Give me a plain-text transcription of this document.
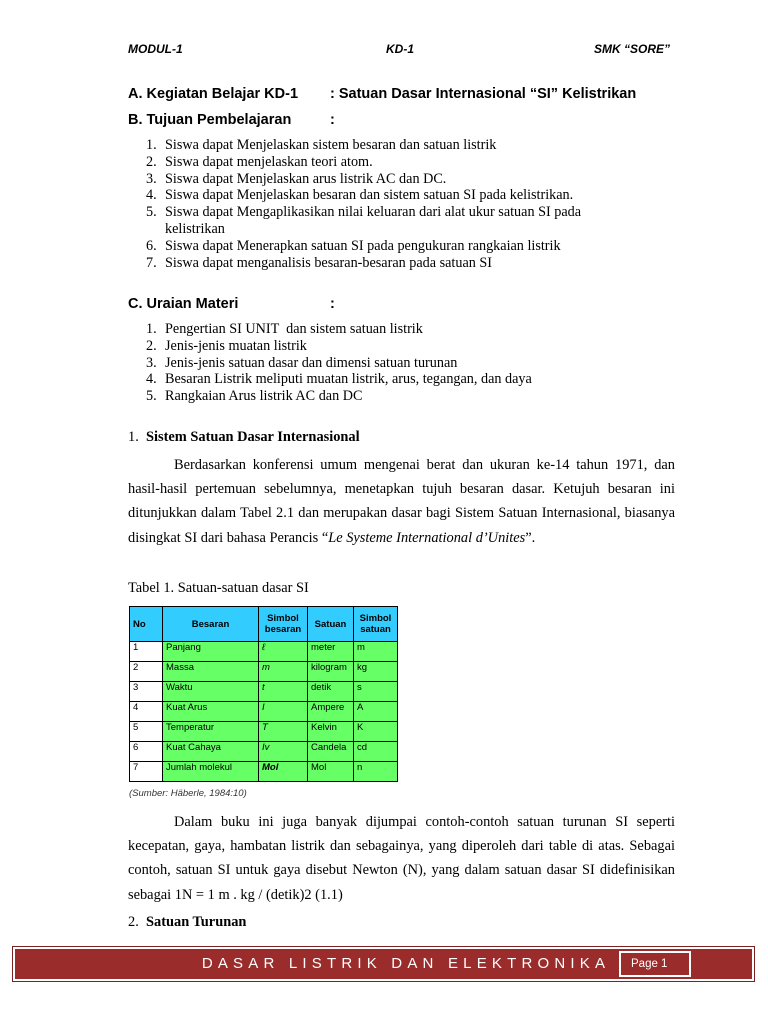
MODUL-1	KD-1	SMK “SORE”
A. Kegiatan Belajar KD-1 : Satuan Dasar Internasional “SI” Kelistrikan
B. Tujuan Pembelajaran	:
1. Siswa dapat Menjelaskan sistem besaran dan satuan listrik
2. Siswa dapat menjelaskan teori atom.
3. Siswa dapat Menjelaskan arus listrik AC dan DC.
4. Siswa dapat Menjelaskan besaran dan sistem satuan SI pada kelistrikan.
5. Siswa dapat Mengaplikasikan nilai keluaran dari alat ukur satuan SI pada kelistrikan
6. Siswa dapat Menerapkan satuan SI pada pengukuran rangkaian listrik
7. Siswa dapat menganalisis besaran-besaran pada satuan SI
C. Uraian Materi	:
1. Pengertian SI UNIT  dan sistem satuan listrik
2. Jenis-jenis muatan listrik
3. Jenis-jenis satuan dasar dan dimensi satuan turunan
4. Besaran Listrik meliputi muatan listrik, arus, tegangan, dan daya
5. Rangkaian Arus listrik AC dan DC
1. Sistem Satuan Dasar Internasional
Berdasarkan konferensi umum mengenai berat dan ukuran ke-14 tahun 1971, dan hasil-hasil pertemuan sebelumnya, menetapkan tujuh besaran dasar. Ketujuh besaran ini ditunjukkan dalam Tabel 2.1 dan merupakan dasar bagi Sistem Satuan Internasional, biasanya disingkat SI dari bahasa Perancis “Le Systeme International d’Unites”.
Tabel 1. Satuan-satuan dasar SI
No	Besaran	Simbol besaran	Satuan	Simbol satuan
1	Panjang	ℓ	meter	m
2	Massa	m	kilogram	kg
3	Waktu	t	detik	s
4	Kuat Arus	I	Ampere	A
5	Temperatur	T	Kelvin	K
6	Kuat Cahaya	Iv	Candela	cd
7	Jumlah molekul	Mol	Mol	n
(Sumber: Häberle, 1984:10)
Dalam buku ini juga banyak dijumpai contoh-contoh satuan turunan SI seperti kecepatan, gaya, hambatan listrik dan sebagainya, yang diperoleh dari table di atas. Sebagai contoh, satuan SI untuk gaya disebut Newton (N), yang dalam satuan dasar SI didefinisikan sebagai 1N = 1 m . kg / (detik)2 (1.1)
2. Satuan Turunan
DASAR LISTRIK DAN ELEKTRONIKA	Page 1
